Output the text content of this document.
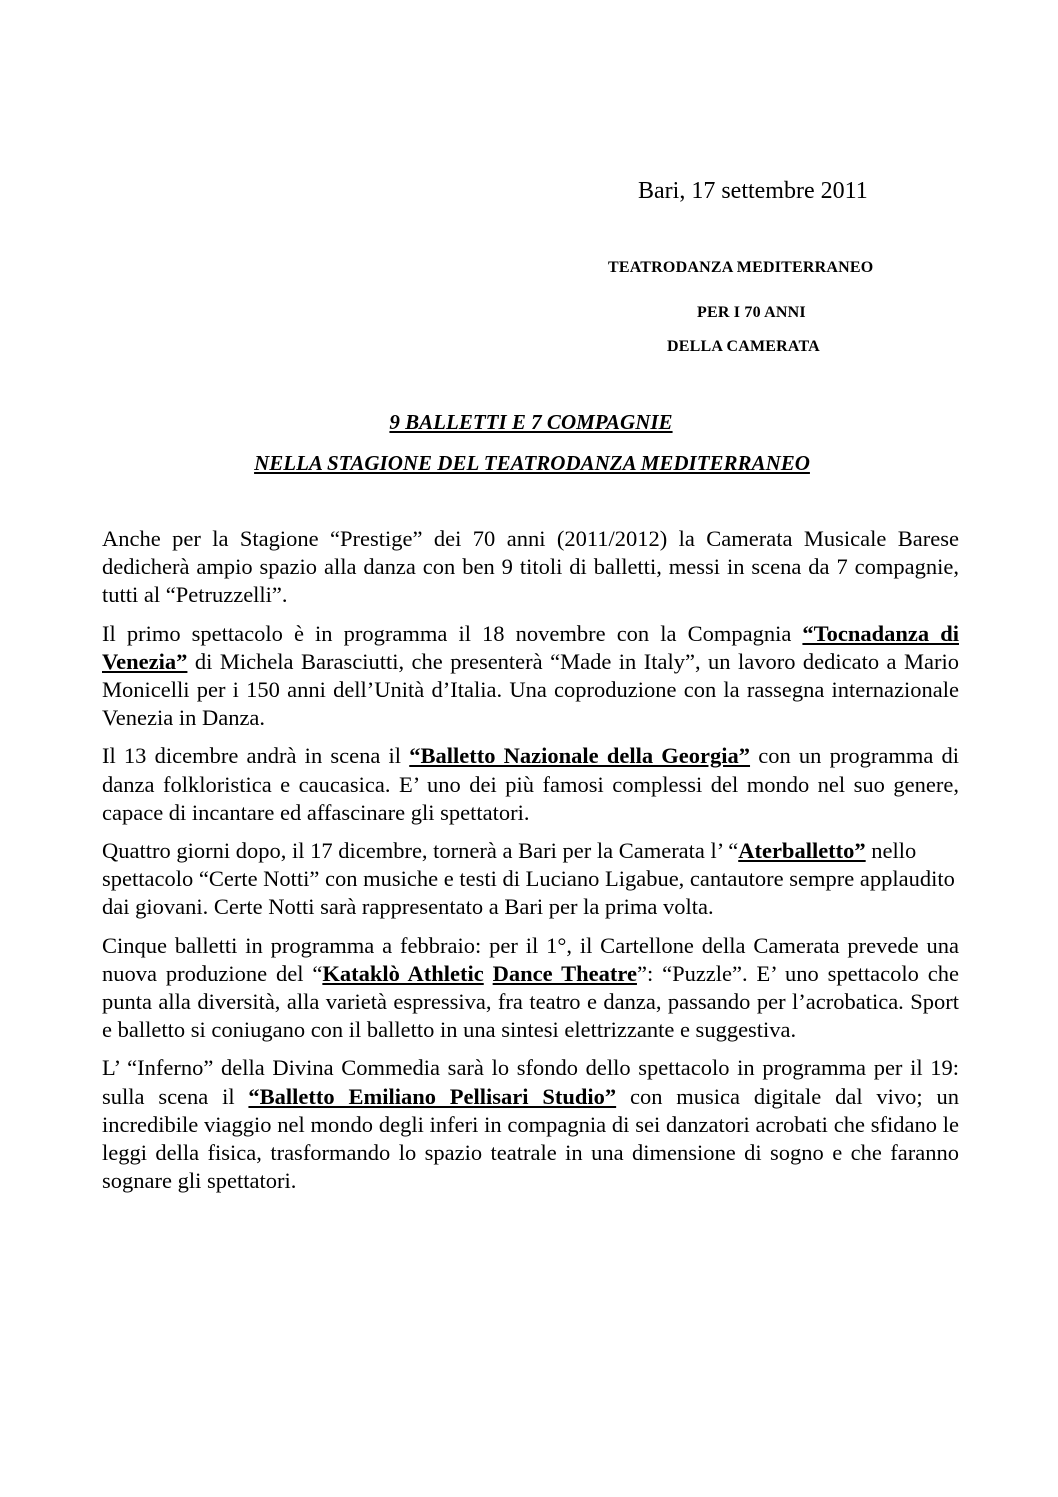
Bari, 17 settembre 2011
TEATRODANZA MEDITERRANEO
PER I 70 ANNI
DELLA CAMERATA
9 BALLETTI E 7 COMPAGNIE
NELLA STAGIONE DEL TEATRODANZA MEDITERRANEO

Anche per la Stagione “Prestige” dei 70 anni (2011/2012) la Camerata Musicale Barese dedicherà ampio spazio alla danza con ben 9 titoli di balletti, messi in scena da 7 compagnie, tutti al “Petruzzelli”.

Il primo spettacolo è in programma il 18 novembre con la Compagnia “Tocnadanza di Venezia” di Michela Barasciutti, che presenterà “Made in Italy”, un lavoro dedicato a Mario Monicelli per i 150 anni dell’Unità d’Italia. Una coproduzione con la rassegna internazionale Venezia in Danza.

Il 13 dicembre andrà in scena il “Balletto Nazionale della Georgia” con un programma di danza folkloristica e caucasica. E’ uno dei più famosi complessi del mondo nel suo genere, capace di incantare ed affascinare gli spettatori.

Quattro giorni dopo, il 17 dicembre, tornerà a Bari per la Camerata l’ “Aterballetto” nello spettacolo “Certe Notti” con musiche e testi di Luciano Ligabue, cantautore sempre applaudito dai giovani. Certe Notti sarà rappresentato a Bari per la prima volta.

Cinque balletti in programma a febbraio: per il 1°, il Cartellone della Camerata prevede una nuova produzione del “Kataklò Athletic Dance Theatre”: “Puzzle”. E’ uno spettacolo che punta alla diversità, alla varietà espressiva, fra teatro e danza, passando per l’acrobatica. Sport e balletto si coniugano con il balletto in una sintesi elettrizzante e suggestiva.

L’ “Inferno” della Divina Commedia sarà lo sfondo dello spettacolo in programma per il 19: sulla scena il “Balletto Emiliano Pellisari Studio” con musica digitale dal vivo; un incredibile viaggio nel mondo degli inferi in compagnia di sei danzatori acrobati che sfidano le leggi della fisica, trasformando lo spazio teatrale in una dimensione di sogno e che faranno sognare gli spettatori.
